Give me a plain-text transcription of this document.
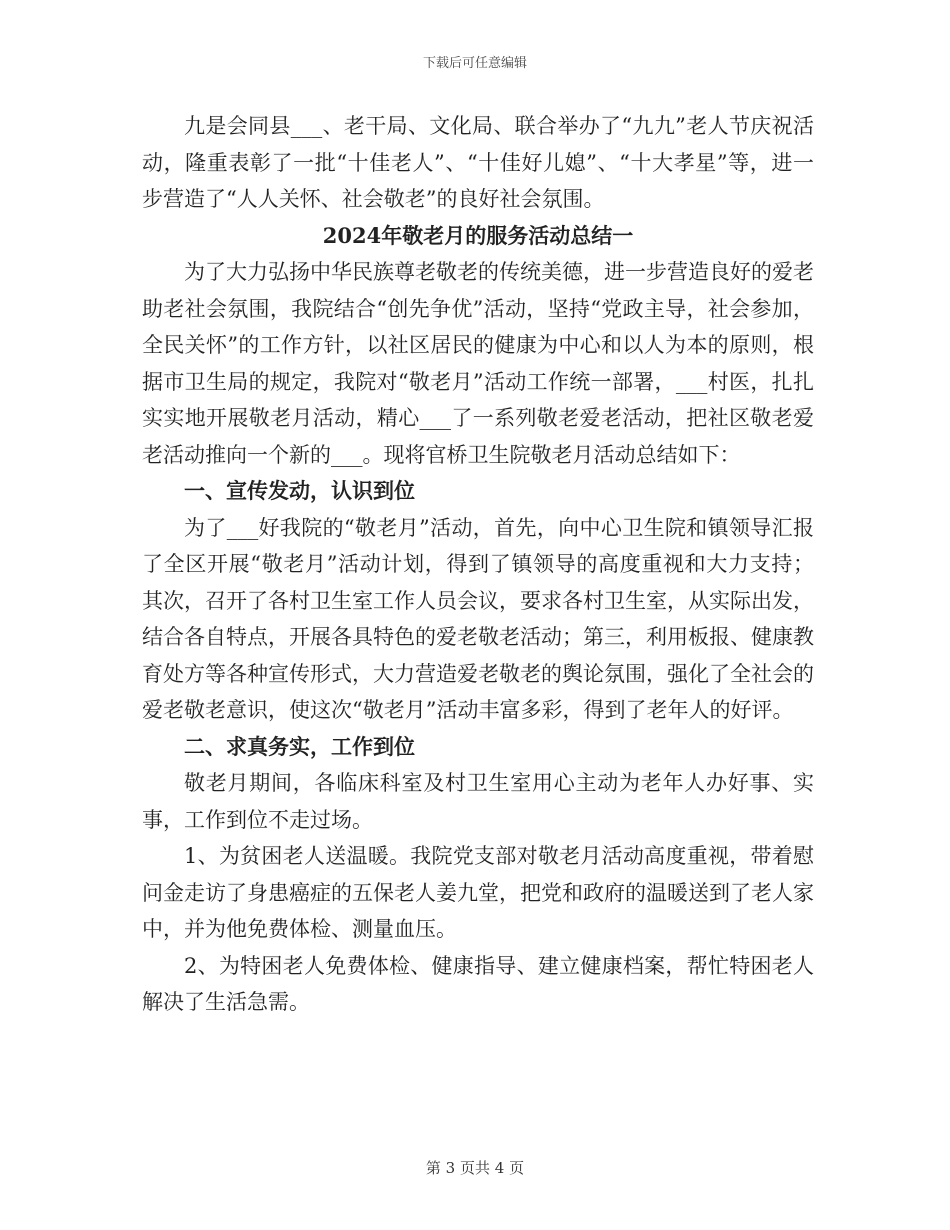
下载后可任意编辑

九是会同县___、老干局、文化局、联合举办了“九九”老人节庆祝活动，隆重表彰了一批“十佳老人”、“十佳好儿媳”、“十大孝星”等，进一步营造了“人人关怀、社会敬老”的良好社会氛围。

2024年敬老月的服务活动总结一

为了大力弘扬中华民族尊老敬老的传统美德，进一步营造良好的爱老助老社会氛围，我院结合“创先争优”活动，坚持“党政主导，社会参加，全民关怀”的工作方针，以社区居民的健康为中心和以人为本的原则，根据市卫生局的规定，我院对“敬老月”活动工作统一部署，___村医，扎扎实实地开展敬老月活动，精心___了一系列敬老爱老活动，把社区敬老爱老活动推向一个新的___。现将官桥卫生院敬老月活动总结如下：

一、宣传发动，认识到位

为了___好我院的“敬老月”活动，首先，向中心卫生院和镇领导汇报了全区开展“敬老月”活动计划，得到了镇领导的高度重视和大力支持；其次，召开了各村卫生室工作人员会议，要求各村卫生室，从实际出发，结合各自特点，开展各具特色的爱老敬老活动；第三，利用板报、健康教育处方等各种宣传形式，大力营造爱老敬老的舆论氛围，强化了全社会的爱老敬老意识，使这次“敬老月”活动丰富多彩，得到了老年人的好评。

二、求真务实，工作到位

敬老月期间，各临床科室及村卫生室用心主动为老年人办好事、实事，工作到位不走过场。

1、为贫困老人送温暖。我院党支部对敬老月活动高度重视，带着慰问金走访了身患癌症的五保老人姜九堂，把党和政府的温暖送到了老人家中，并为他免费体检、测量血压。

2、为特困老人免费体检、健康指导、建立健康档案，帮忙特困老人解决了生活急需。

第 3 页共 4 页
